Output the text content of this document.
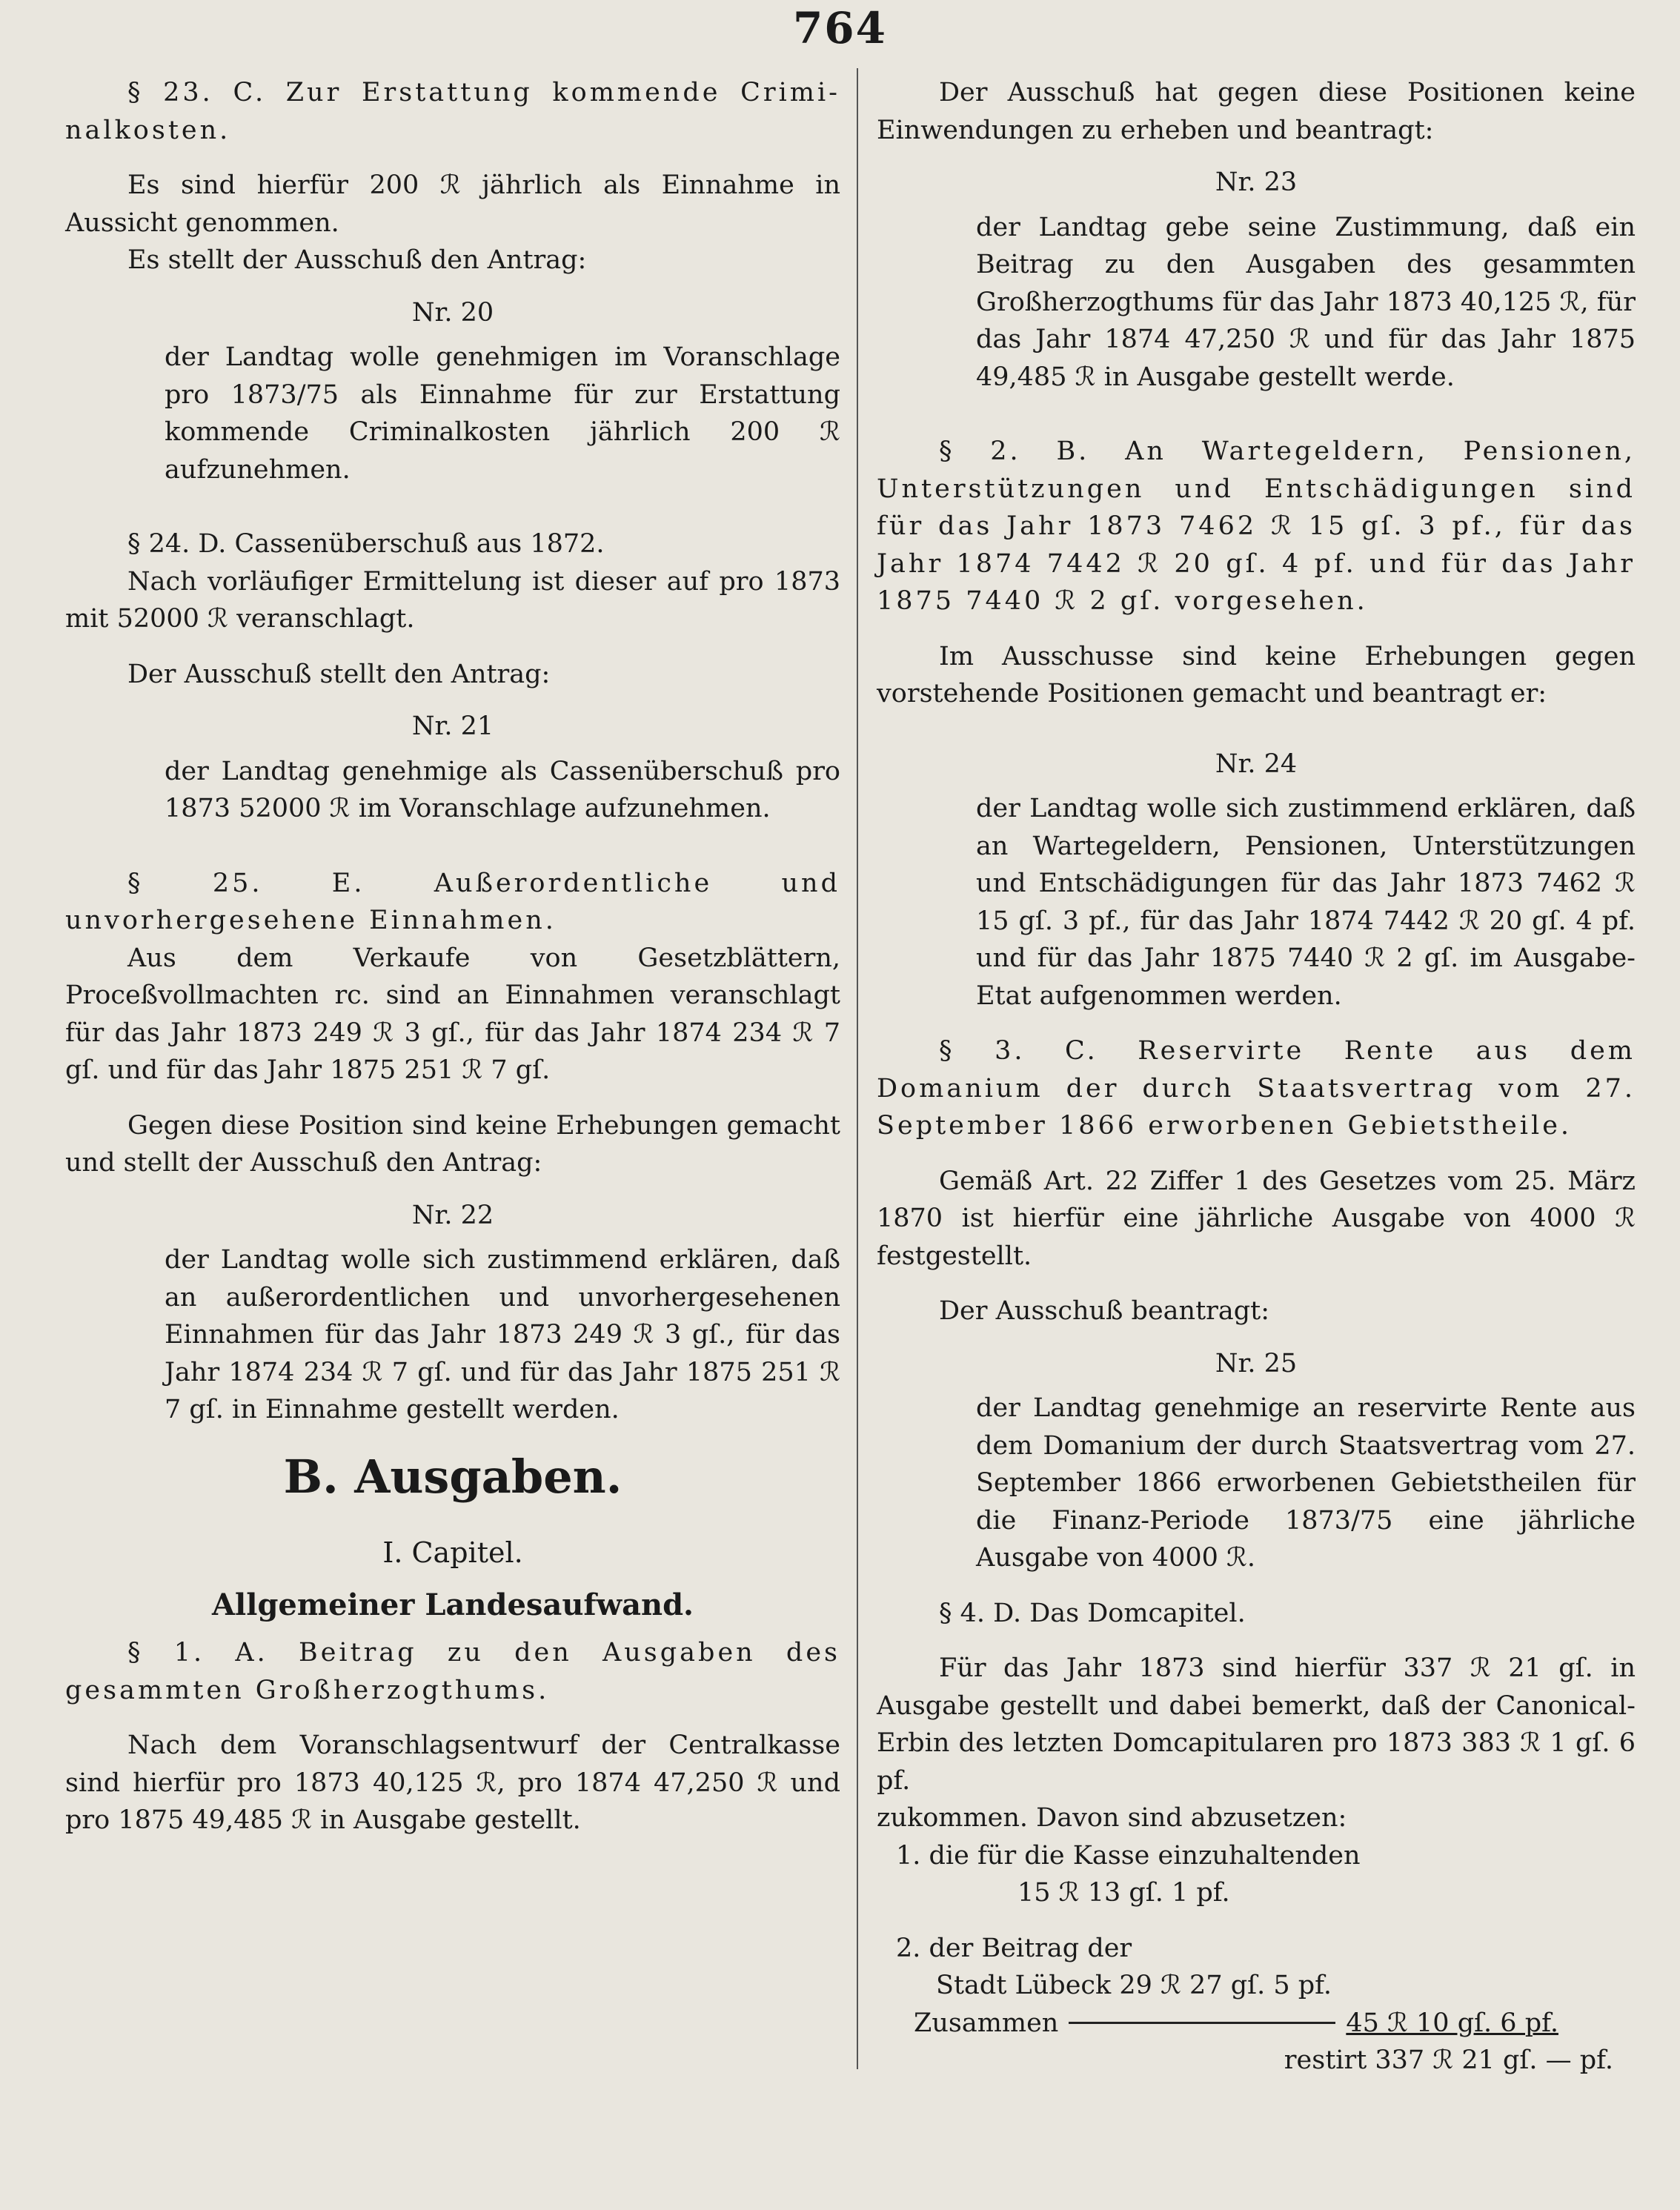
764

§ 23. C. Zur Erstattung kommende Crimi-nalkosten.

Es sind hierfür 200 ℛ jährlich als Einnahme in Aussicht genommen.

Es stellt der Ausschuß den Antrag:

Nr. 20

der Landtag wolle genehmigen im Voranschlage pro 1873/75 als Einnahme für zur Erstattung kommende Criminalkosten jährlich 200 ℛ aufzunehmen.

§ 24. D. Cassenüberschuß aus 1872.

Nach vorläufiger Ermittelung ist dieser auf pro 1873 mit 52000 ℛ veranschlagt.

Der Ausschuß stellt den Antrag:

Nr. 21

der Landtag genehmige als Cassenüberschuß pro 1873 52000 ℛ im Voranschlage aufzunehmen.

§ 25. E. Außerordentliche und unvorhergesehene Einnahmen.

Aus dem Verkaufe von Gesetzblättern, Proceßvollmachten rc. sind an Einnahmen veranschlagt für das Jahr 1873 249 ℛ 3 gſ., für das Jahr 1874 234 ℛ 7 gſ. und für das Jahr 1875 251 ℛ 7 gſ.

Gegen diese Position sind keine Erhebungen gemacht und stellt der Ausschuß den Antrag:

Nr. 22

der Landtag wolle sich zustimmend erklären, daß an außerordentlichen und unvorhergesehenen Einnahmen für das Jahr 1873 249 ℛ 3 gſ., für das Jahr 1874 234 ℛ 7 gſ. und für das Jahr 1875 251 ℛ 7 gſ. in Einnahme gestellt werden.

B. Ausgaben.
I. Capitel.
Allgemeiner Landesaufwand.

§ 1. A. Beitrag zu den Ausgaben des gesammten Großherzogthums.

Nach dem Voranschlagsentwurf der Centralkasse sind hierfür pro 1873 40,125 ℛ, pro 1874 47,250 ℛ und pro 1875 49,485 ℛ in Ausgabe gestellt.

Der Ausschuß hat gegen diese Positionen keine Einwendungen zu erheben und beantragt:

Nr. 23

der Landtag gebe seine Zustimmung, daß ein Beitrag zu den Ausgaben des gesammten Großherzogthums für das Jahr 1873 40,125 ℛ, für das Jahr 1874 47,250 ℛ und für das Jahr 1875 49,485 ℛ in Ausgabe gestellt werde.

§ 2. B. An Wartegeldern, Pensionen, Unterstützungen und Entschädigungen sind für das Jahr 1873 7462 ℛ 15 gſ. 3 pf., für das Jahr 1874 7442 ℛ 20 gſ. 4 pf. und für das Jahr 1875 7440 ℛ 2 gſ. vorgesehen.

Im Ausschusse sind keine Erhebungen gegen vorstehende Positionen gemacht und beantragt er:

Nr. 24

der Landtag wolle sich zustimmend erklären, daß an Wartegeldern, Pensionen, Unterstützungen und Entschädigungen für das Jahr 1873 7462 ℛ 15 gſ. 3 pf., für das Jahr 1874 7442 ℛ 20 gſ. 4 pf. und für das Jahr 1875 7440 ℛ 2 gſ. im Ausgabe-Etat aufgenommen werden.

§ 3. C. Reservirte Rente aus dem Domanium der durch Staatsvertrag vom 27. September 1866 erworbenen Gebietstheile.

Gemäß Art. 22 Ziffer 1 des Gesetzes vom 25. März 1870 ist hierfür eine jährliche Ausgabe von 4000 ℛ festgestellt.

Der Ausschuß beantragt:

Nr. 25

der Landtag genehmige an reservirte Rente aus dem Domanium der durch Staatsvertrag vom 27. September 1866 erworbenen Gebietstheilen für die Finanz-Periode 1873/75 eine jährliche Ausgabe von 4000 ℛ.

§ 4. D. Das Domcapitel.

Für das Jahr 1873 sind hierfür 337 ℛ 21 gſ. in Ausgabe gestellt und dabei bemerkt, daß der Canonical-Erbin des letzten Domcapitularen pro 1873 383 ℛ 1 gſ. 6 pf.

zukommen. Davon sind abzusetzen:

1. die für die Kasse einzuhaltenden

15 ℛ 13 gſ. 1 pf.

2. der Beitrag der

Stadt Lübeck 29 ℛ 27 gſ. 5 pf.

Zusammen	45 ℛ 10 gſ. 6 pf.

restirt 337 ℛ 21 gſ. — pf.
